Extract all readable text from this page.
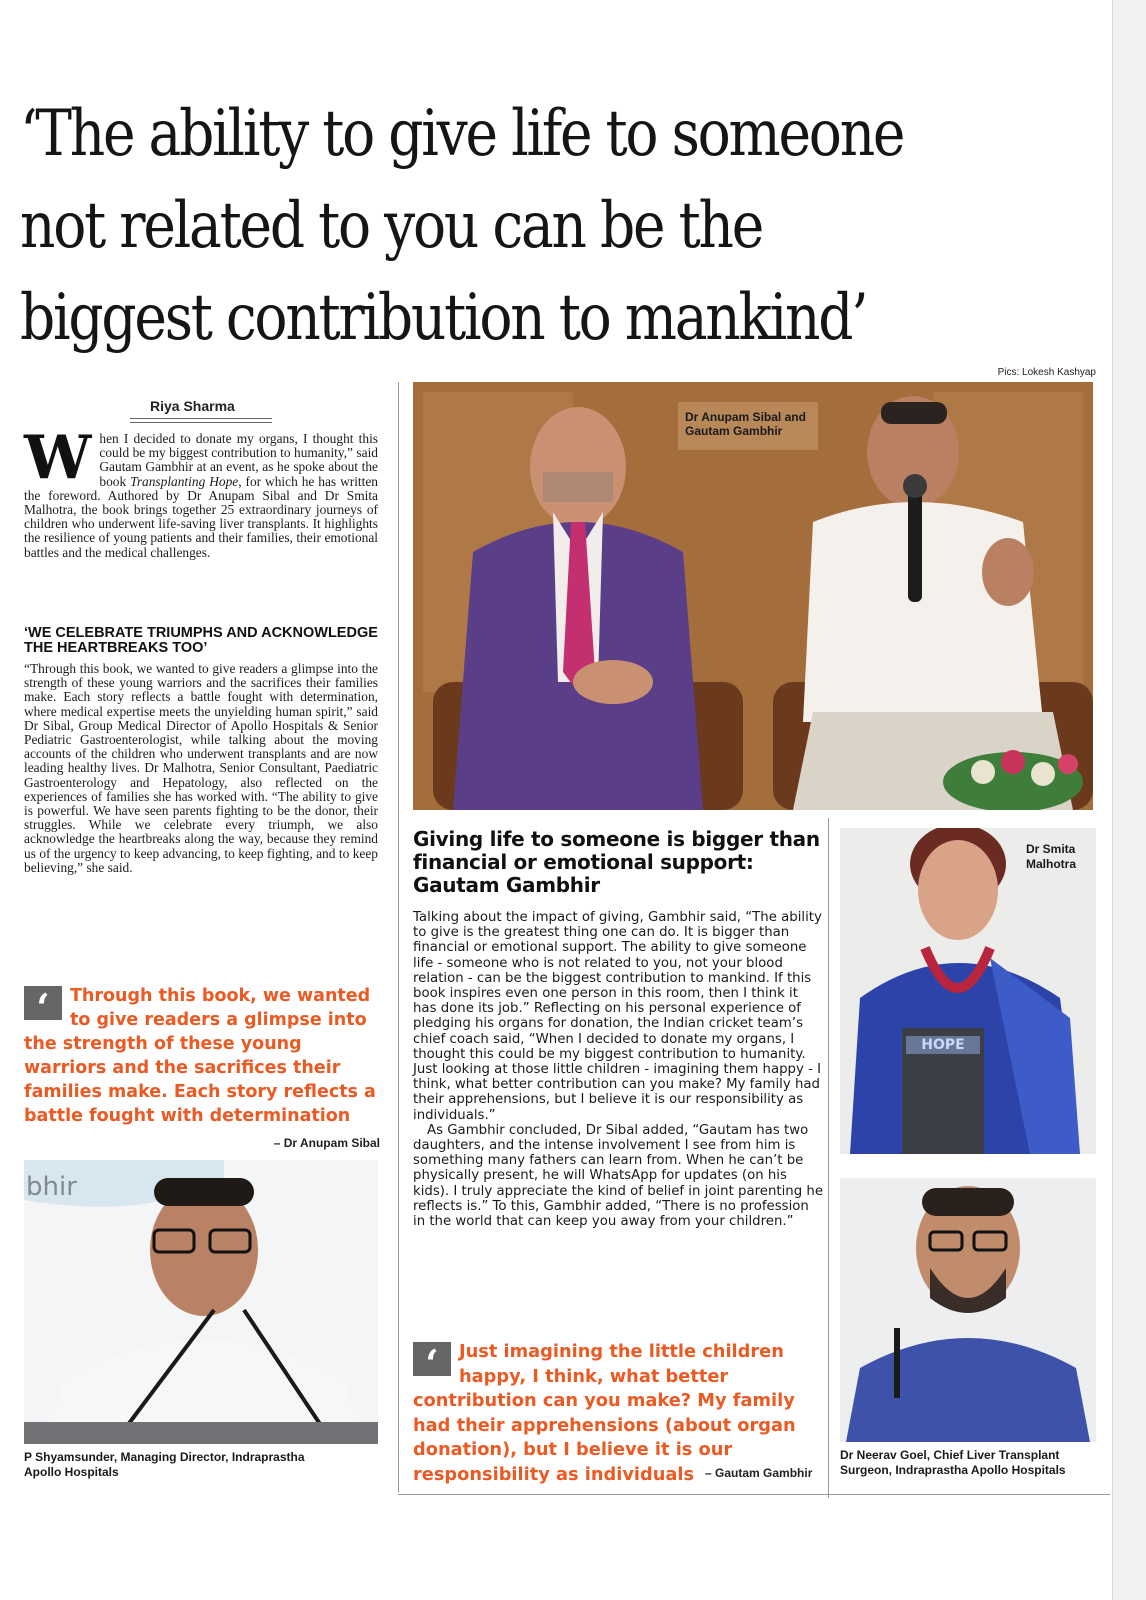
‘The ability to give life to someone
not related to you can be the
biggest contribution to mankind’
Pics: Lokesh Kashyap
Riya Sharma
When I decided to donate my organs, I thought this could be my biggest contribution to humanity,” said Gautam Gambhir at an event, as he spoke about the book Transplanting Hope, for which he has written the foreword. Authored by Dr Anupam Sibal and Dr Smita Malhotra, the book brings together 25 extraordinary journeys of children who underwent life-saving liver transplants. It highlights the resilience of young patients and their families, their emotional battles and the medical challenges.
‘WE CELEBRATE TRIUMPHS AND ACKNOWLEDGE THE HEARTBREAKS TOO’
“Through this book, we wanted to give readers a glimpse into the strength of these young warriors and the sacrifices their families make. Each story reflects a battle fought with determination, where medical expertise meets the unyielding human spirit,” said Dr Sibal, Group Medical Director of Apollo Hospitals & Senior Pediatric Gastroenterologist, while talking about the moving accounts of the children who underwent transplants and are now leading healthy lives. Dr Malhotra, Senior Consultant, Paediatric Gastroenterology and Hepatology, also reflected on the experiences of families she has worked with. “The ability to give is powerful. We have seen parents fighting to be the donor, their struggles. While we celebrate every triumph, we also acknowledge the heartbreaks along the way, because they remind us of the urgency to keep advancing, to keep fighting, and to keep believing,” she said.

‘	Through this book, we wanted to give readers a glimpse into the strength of these young warriors and the sacrifices their families make. Each story reflects a battle fought with determination

– Dr Anupam Sibal
Dr Anupam Sibal and Gautam Gambhir
Giving life to someone is bigger than financial or emotional support: Gautam Gambhir

Talking about the impact of giving, Gambhir said, “The ability to give is the greatest thing one can do. It is bigger than financial or emotional support. The ability to give someone life - someone who is not related to you, not your blood relation - can be the biggest contribution to mankind. If this book inspires even one person in this room, then I think it has done its job.” Reflecting on his personal experience of pledging his organs for donation, the Indian cricket team’s chief coach said, “When I decided to donate my organs, I thought this could be my biggest contribution to humanity. Just looking at those little children - imagining them happy - I think, what better contribution can you make? My family had their apprehensions, but I believe it is our responsibility as individuals.”

As Gambhir concluded, Dr Sibal added, “Gautam has two daughters, and the intense involvement I see from him is something many fathers can learn from. When he can’t be physically present, he will WhatsApp for updates (on his kids). I truly appreciate the kind of belief in joint parenting he reflects is.” To this, Gambhir added, “There is no profession in the world that can keep you away from your children.”

‘	Just imagining the little children happy, I think, what better contribution can you make? My family had their apprehensions (about organ donation), but I believe it is our responsibility as individuals – Gautam Gambhir
Dr Smita Malhotra
HOPE
Dr Neerav Goel, Chief Liver Transplant Surgeon, Indraprastha Apollo Hospitals
bhir
P Shyamsunder, Managing Director, Indraprastha Apollo Hospitals
